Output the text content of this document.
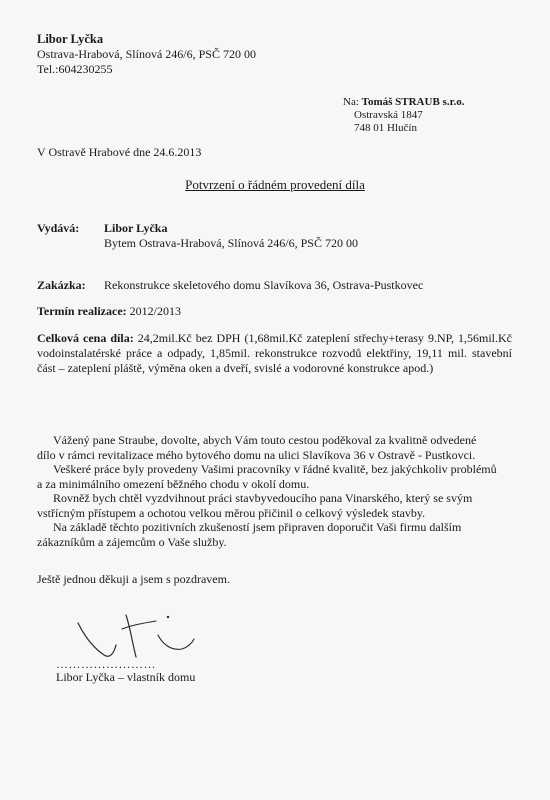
Libor Lyčka
Ostrava-Hrabová, Slínová 246/6, PSČ 720 00
Tel.:604230255
Na: Tomáš STRAUB s.r.o.
Ostravská 1847
748 01 Hlučín
V Ostravě Hrabové dne 24.6.2013
Potvrzení o řádném provedení díla
Vydává: Libor Lyčka
Bytem Ostrava-Hrabová, Slínová 246/6, PSČ 720 00
Zakázka: Rekonstrukce skeletového domu Slavíkova 36, Ostrava-Pustkovec
Termín realizace: 2012/2013
Celková cena díla: 24,2mil.Kč bez DPH (1,68mil.Kč zateplení střechy+terasy 9.NP, 1,56mil.Kč vodoinstalatérské práce a odpady, 1,85mil. rekonstrukce rozvodů elektřiny, 19,11 mil. stavební část – zateplení pláště, výměna oken a dveří, svislé a vodorovné konstrukce apod.)

Vážený pane Straube, dovolte, abych Vám touto cestou poděkoval za kvalitně odvedené dílo v rámci revitalizace mého bytového domu na ulici Slavíkova 36 v Ostravě - Pustkovci.

Veškeré práce byly provedeny Vašimi pracovníky v řádné kvalitě, bez jakýchkoliv problémů a za minimálního omezení běžného chodu v okolí domu.

Rovněž bych chtěl vyzdvihnout práci stavbyvedoucího pana Vinarského, který se svým vstřícným přístupem a ochotou velkou měrou přičinil o celkový výsledek stavby.

Na základě těchto pozitivních zkušeností jsem připraven doporučit Vaši firmu dalším zákazníkům a zájemcům o Vaše služby.

Ještě jednou děkuji a jsem s pozdravem.
……………………
Libor Lyčka – vlastník domu
